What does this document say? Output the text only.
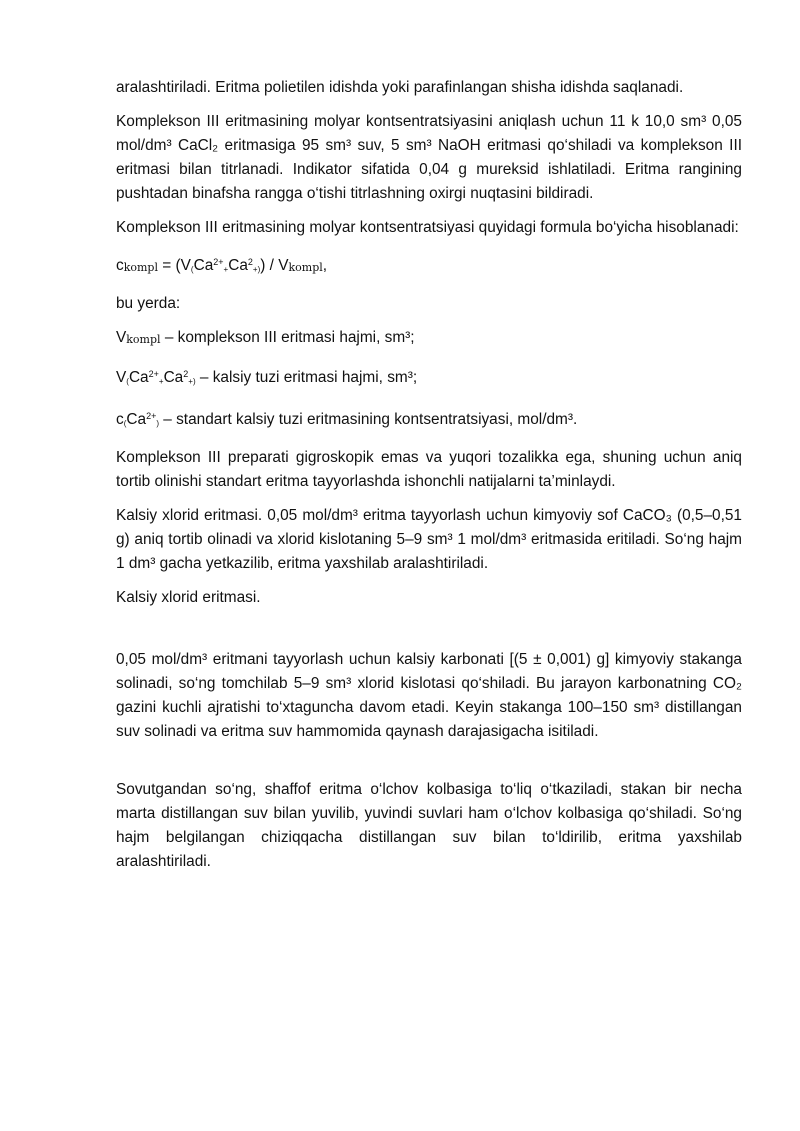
aralashtiriladi. Eritma polietilen idishda yoki parafinlangan shisha idishda saqlanadi.

Komplekson III eritmasining molyar kontsentratsiyasini aniqlash uchun 11 k 10,0 sm³ 0,05 mol/dm³ CaCl₂ eritmasiga 95 sm³ suv, 5 sm³ NaOH eritmasi qo‘shiladi va komplekson III eritmasi bilan titrlanadi. Indikator sifatida 0,04 g mureksid ishlatiladi. Eritma rangining pushtadan binafsha rangga o‘tishi titrlashning oxirgi nuqtasini bildiradi.

Komplekson III eritmasining molyar kontsentratsiyasi quyidagi formula bo‘yicha hisoblanadi:

ckompl = $(V(Ca^{2+}+Ca^2+))$ / Vkompl,

bu yerda:

Vkompl – komplekson III eritmasi hajmi, sm³;

$V(Ca^{2+}+Ca^2+)$ – kalsiy tuzi eritmasi hajmi, sm³;

$c(Ca^{2+})$ – standart kalsiy tuzi eritmasining kontsentratsiyasi, mol/dm³.

Komplekson III preparati gigroskopik emas va yuqori tozalikka ega, shuning uchun aniq tortib olinishi standart eritma tayyorlashda ishonchli natijalarni ta’minlaydi.

Kalsiy xlorid eritmasi. 0,05 mol/dm³ eritma tayyorlash uchun kimyoviy sof CaCO₃ (0,5–0,51 g) aniq tortib olinadi va xlorid kislotaning 5–9 sm³ 1 mol/dm³ eritmasida eritiladi. So‘ng hajm 1 dm³ gacha yetkazilib, eritma yaxshilab aralashtiriladi.

Kalsiy xlorid eritmasi.

0,05 mol/dm³ eritmani tayyorlash uchun kalsiy karbonati [(5 ± 0,001) g] kimyoviy stakanga solinadi, so‘ng tomchilab 5–9 sm³ xlorid kislotasi qo‘shiladi. Bu jarayon karbonatning CO₂ gazini kuchli ajratishi to‘xtaguncha davom etadi. Keyin stakanga 100–150 sm³ distillangan suv solinadi va eritma suv hammomida qaynash darajasigacha isitiladi.

Sovutgandan so‘ng, shaffof eritma o‘lchov kolbasiga to‘liq o‘tkaziladi, stakan bir necha marta distillangan suv bilan yuvilib, yuvindi suvlari ham o‘lchov kolbasiga qo‘shiladi. So‘ng hajm belgilangan chiziqqacha distillangan suv bilan to‘ldirilib, eritma yaxshilab aralashtiriladi.
